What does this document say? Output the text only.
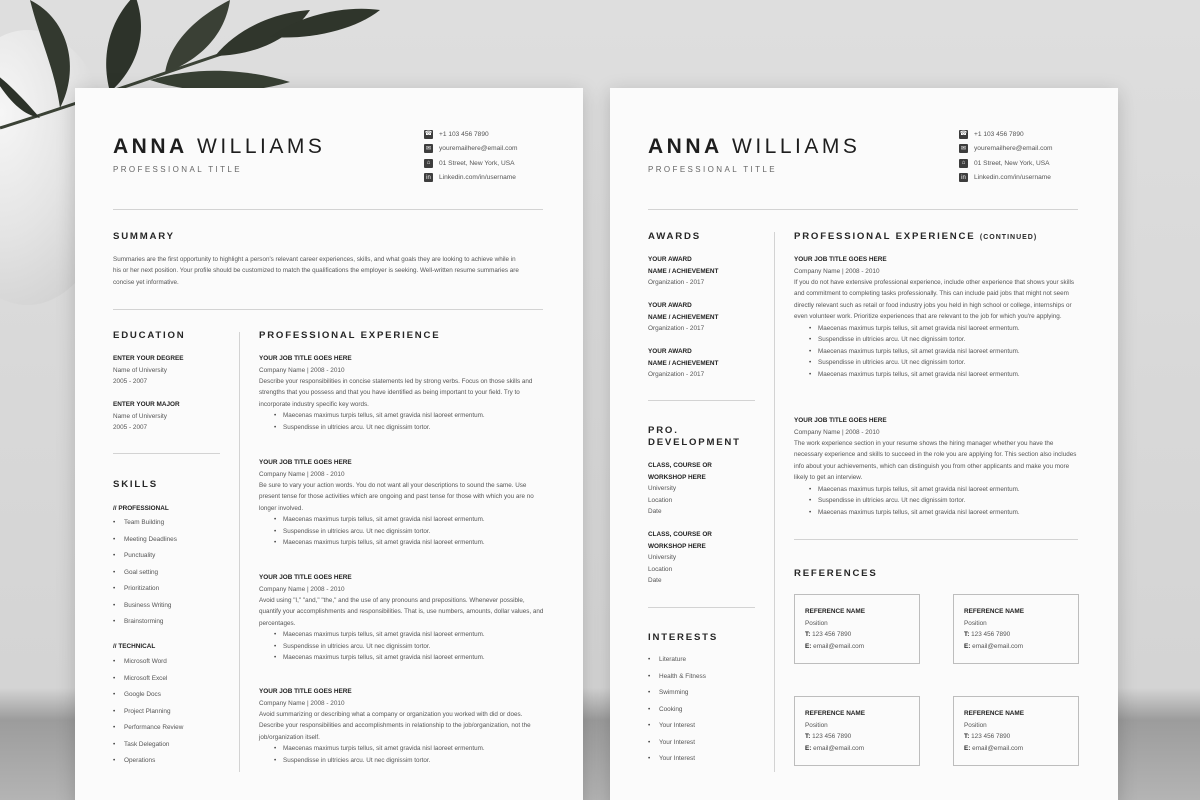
ANNA WILLIAMS
PROFESSIONAL TITLE
☎ +1 103 456 7890
✉	youremailhere@email.com
⌂	01 Street, New York, USA
in	Linkedin.com/in/username
SUMMARY
Summaries are the first opportunity to highlight a person's relevant career experiences, skills, and what goals they are looking to achieve while in his or her next position. Your profile should be customized to match the qualifications the employer is seeking. Well-written resume summaries are concise yet informative.
EDUCATION
ENTER YOUR DEGREE
Name of University
2005 - 2007
ENTER YOUR MAJOR
Name of University
2005 - 2007
SKILLS
// PROFESSIONAL
• Team Building
• Meeting Deadlines
• Punctuality
• Goal setting
• Prioritization
• Business Writing
• Brainstorming
// TECHNICAL
• Microsoft Word
• Microsoft Excel
• Google Docs
• Project Planning
• Performance Review
• Task Delegation
• Operations
PROFESSIONAL EXPERIENCE
YOUR JOB TITLE GOES HERE
Company Name | 2008 - 2010
Describe your responsibilities in concise statements led by strong verbs. Focus on those skills and strengths that you possess and that you have identified as being important to your field. Try to incorporate industry specific key words.
• Maecenas maximus turpis tellus, sit amet gravida nisl laoreet ermentum.
• Suspendisse in ultricies arcu. Ut nec dignissim tortor.
YOUR JOB TITLE GOES HERE
Company Name | 2008 - 2010
Be sure to vary your action words. You do not want all your descriptions to sound the same. Use present tense for those activities which are ongoing and past tense for those with which you are no longer involved.
• Maecenas maximus turpis tellus, sit amet gravida nisl laoreet ermentum.
• Suspendisse in ultricies arcu. Ut nec dignissim tortor.
• Maecenas maximus turpis tellus, sit amet gravida nisl laoreet ermentum.
YOUR JOB TITLE GOES HERE
Company Name | 2008 - 2010
Avoid using "I," "and," "the," and the use of any pronouns and prepositions. Whenever possible, quantify your accomplishments and responsibilities. That is, use numbers, amounts, dollar values, and percentages.
• Maecenas maximus turpis tellus, sit amet gravida nisl laoreet ermentum.
• Suspendisse in ultricies arcu. Ut nec dignissim tortor.
• Maecenas maximus turpis tellus, sit amet gravida nisl laoreet ermentum.
YOUR JOB TITLE GOES HERE
Company Name | 2008 - 2010
Avoid summarizing or describing what a company or organization you worked with did or does. Describe your responsibilities and accomplishments in relationship to the job/organization, not the job/organization itself.
• Maecenas maximus turpis tellus, sit amet gravida nisl laoreet ermentum.
• Suspendisse in ultricies arcu. Ut nec dignissim tortor.
ANNA WILLIAMS
PROFESSIONAL TITLE
☎ +1 103 456 7890
✉	youremailhere@email.com
⌂	01 Street, New York, USA
in	Linkedin.com/in/username
AWARDS
YOUR AWARD
NAME / ACHIEVEMENT
Organization - 2017
YOUR AWARD
NAME / ACHIEVEMENT
Organization - 2017
YOUR AWARD
NAME / ACHIEVEMENT
Organization - 2017
PRO.
DEVELOPMENT
CLASS, COURSE OR
WORKSHOP HERE
University
Location
Date
CLASS, COURSE OR
WORKSHOP HERE
University
Location
Date
INTERESTS
• Literature
• Health & Fitness
• Swimming
• Cooking
• Your Interest
• Your Interest
• Your Interest
PROFESSIONAL EXPERIENCE (CONTINUED)
YOUR JOB TITLE GOES HERE
Company Name | 2008 - 2010
If you do not have extensive professional experience, include other experience that shows your skills and commitment to completing tasks professionally. This can include paid jobs that might not seem directly relevant such as retail or food industry jobs you held in high school or college, internships or even volunteer work. Prioritize experiences that are relevant to the job for which you're applying.
• Maecenas maximus turpis tellus, sit amet gravida nisl laoreet ermentum.
• Suspendisse in ultricies arcu. Ut nec dignissim tortor.
• Maecenas maximus turpis tellus, sit amet gravida nisl laoreet ermentum.
• Suspendisse in ultricies arcu. Ut nec dignissim tortor.
• Maecenas maximus turpis tellus, sit amet gravida nisl laoreet ermentum.
YOUR JOB TITLE GOES HERE
Company Name | 2008 - 2010
The work experience section in your resume shows the hiring manager whether you have the necessary experience and skills to succeed in the role you are applying for. This section also includes info about your achievements, which can distinguish you from other applicants and make you more likely to get an interview.
• Maecenas maximus turpis tellus, sit amet gravida nisl laoreet ermentum.
• Suspendisse in ultricies arcu. Ut nec dignissim tortor.
• Maecenas maximus turpis tellus, sit amet gravida nisl laoreet ermentum.
REFERENCES
REFERENCE NAME
Position
T: 123 456 7890
E: email@email.com
REFERENCE NAME
Position
T: 123 456 7890
E: email@email.com
REFERENCE NAME
Position
T: 123 456 7890
E: email@email.com
REFERENCE NAME
Position
T: 123 456 7890
E: email@email.com
